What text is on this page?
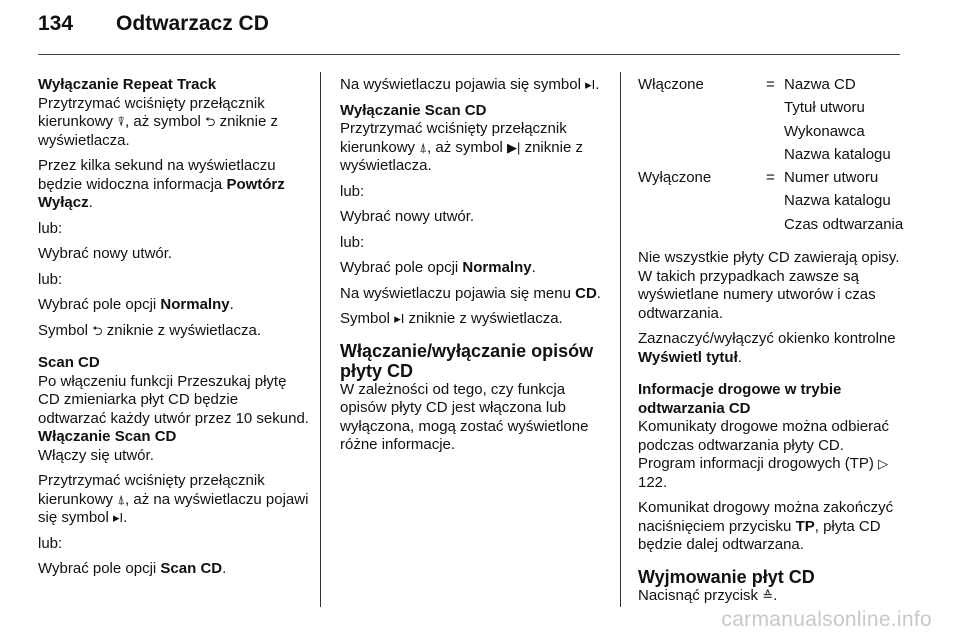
134 Odtwarzacz CD
Wyłączanie Repeat Track

Przytrzymać wciśnięty przełącznik kierunkowy ⍒, aż symbol ⮌ zniknie z wyświetlacza.

Przez kilka sekund na wyświetlaczu będzie widoczna informacja Powtórz Wyłącz.

lub:

Wybrać nowy utwór.

lub:

Wybrać pole opcji Normalny.

Symbol ⮌ zniknie z wyświetlacza.

Scan CD

Po włączeniu funkcji Przeszukaj płytę CD zmieniarka płyt CD będzie odtwarzać każdy utwór przez 10 sekund.

Włączanie Scan CD

Włączy się utwór.

Przytrzymać wciśnięty przełącznik kierunkowy ⍋, aż na wyświetlaczu pojawi się symbol ▸I.

lub:

Wybrać pole opcji Scan CD.

Na wyświetlaczu pojawia się symbol ▸I.

Wyłączanie Scan CD

Przytrzymać wciśnięty przełącznik kierunkowy ⍋, aż symbol ▶| zniknie z wyświetlacza.

lub:

Wybrać nowy utwór.

lub:

Wybrać pole opcji Normalny.

Na wyświetlaczu pojawia się menu CD.

Symbol ▸I zniknie z wyświetlacza.

Włączanie/wyłączanie opisów płyty CD

W zależności od tego, czy funkcja opisów płyty CD jest włączona lub wyłączona, mogą zostać wyświetlone różne informacje.

Włączone	=	Nazwa CD
		Tytuł utworu
		Wykonawca
		Nazwa katalogu
Wyłączone	=	Numer utworu
		Nazwa katalogu
		Czas odtwarzania

Nie wszystkie płyty CD zawierają opisy. W takich przypadkach zawsze są wyświetlane numery utworów i czas odtwarzania.

Zaznaczyć/wyłączyć okienko kontrolne Wyświetl tytuł.

Informacje drogowe w trybie odtwarzania CD

Komunikaty drogowe można odbierać podczas odtwarzania płyty CD. Program informacji drogowych (TP) ▷ 122.

Komunikat drogowy można zakończyć naciśnięciem przycisku TP, płyta CD będzie dalej odtwarzana.

Wyjmowanie płyt CD

Nacisnąć przycisk ≙.

carmanualsonline.info
